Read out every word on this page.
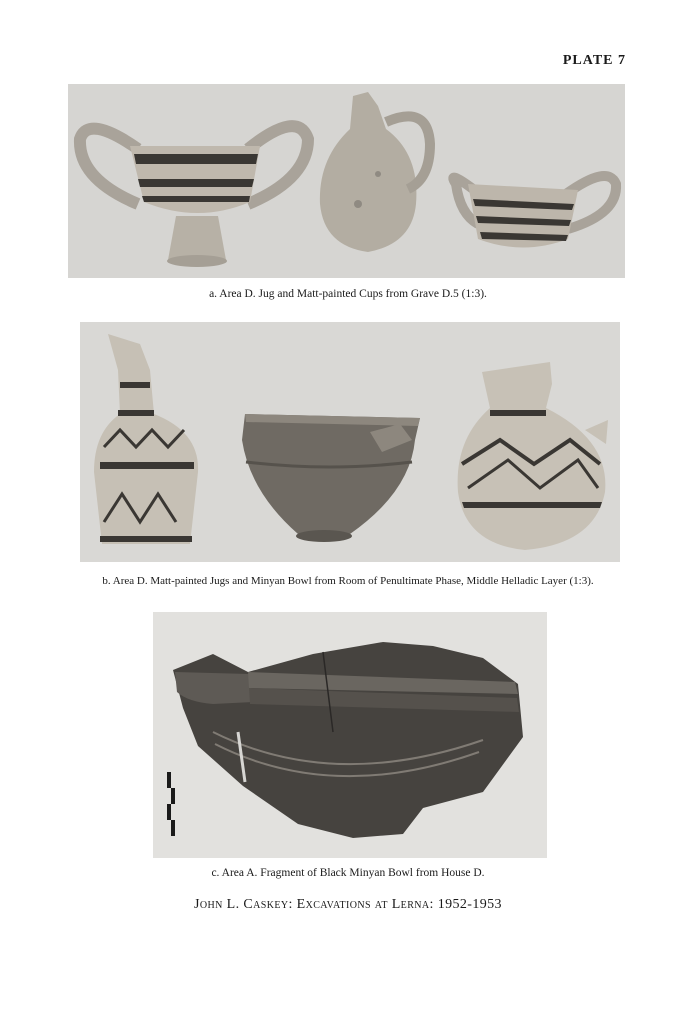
PLATE 7
a. Area D. Jug and Matt-painted Cups from Grave D.5 (1:3).
b. Area D. Matt-painted Jugs and Minyan Bowl from Room of Penultimate Phase, Middle Helladic Layer (1:3).
c. Area A. Fragment of Black Minyan Bowl from House D.
John L. Caskey: Excavations at Lerna: 1952-1953
